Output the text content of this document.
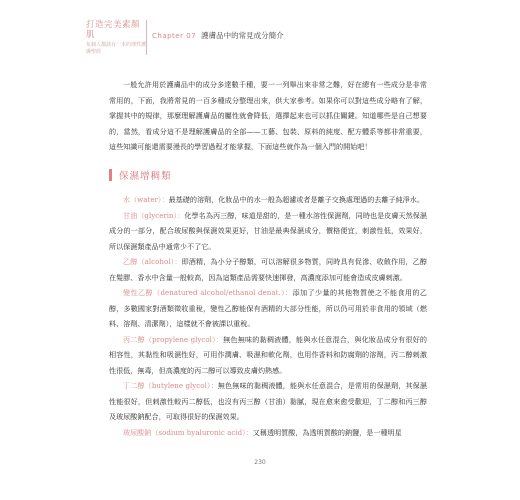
打造完美素顏肌
每個人都該有一本的理性護膚聖經
Chapter 07 護膚品中的常見成分簡介

一般允許用於護膚品中的成分多達數千種，要一一列舉出來非常之難，好在總有一些成分是非常常用的，下面，我將常見的一百多種成分整理出來，供大家參考。如果你可以對這些成分略有了解，掌握其中的規律，那麼理解護膚品的屬性就會降低，選擇起來也可以抓住關鍵。知道哪些是自己想要的，當然，看成分這不是理解護膚品的全部——工藝、包裝、原料的純度、配方體系等都非常重要，這些知識可能還需要漫長的學習過程才能掌握，下面這些就作為一個入門的開始吧！

保濕增稠類

水（water）：最基礎的溶劑，化妝品中的水一般為超濾或者是離子交換處理過的去離子純淨水。

甘油（glycerin）：化學名為丙三醇，味道是甜的，是一種水溶性保濕劑，同時也是皮膚天然保濕成分的一部分，配合玻尿酸與保濕效果更好，甘油是最典保濕成分，價格便宜，刺激性低，效果好，所以保濕類產品中通常少不了它。

乙醇（alcohol）：即酒精，為小分子醇類，可以溶解很多物質，同時具有促滲、收斂作用，乙醇在髮膠、香水中含量一般較高，因為這類產品需要快速揮發，高濃度添加可能會造成皮膚刺激。

變性乙醇（denatured alcohol/ethanol denat.）：添加了少量的其他物質使之不能食用的乙醇，多數國家對酒類徵收重稅，變性乙醇能保有酒精的大部分性能，所以仍可用於非食用的領域（燃料、溶劑、清潔劑），這樣就不會被課以重稅。

丙二醇（propylene glycol）：無色無味的黏稠液體，能與水任意混合，與化妝品成分有很好的相容性，其黏性和吸濕性好，可用作潤膚、吸濕和軟化劑，也用作香料和防腐劑的溶劑，丙二醇刺激性很低，無毒，但高濃度的丙二醇可以導致皮膚灼熱感。

丁二醇（butylene glycol）：無色無味的黏稠液體，能與水任意混合，是常用的保濕劑，其保濕性能很好，但刺激性較丙二醇低，也沒有丙三醇（甘油）黏膩，現在愈來愈受歡迎，丁二醇和丙三醇及玻尿酸鈉配合，可取得很好的保濕效果。

玻尿酸鈉（sodium hyaluronic acid）：又稱透明質酸，為透明質酸的鈉鹽，是一種明星

230
